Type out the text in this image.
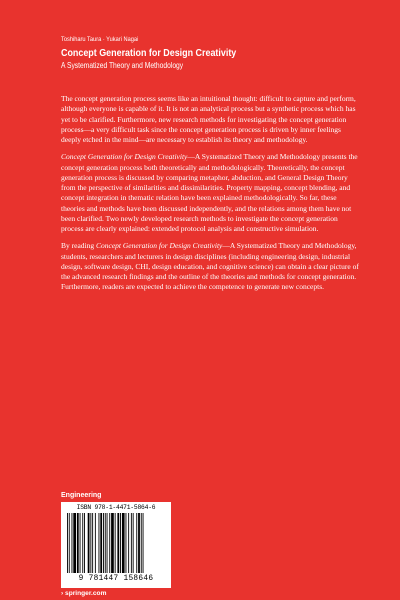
Toshiharu Taura · Yukari Nagai
Concept Generation for Design Creativity
A Systematized Theory and Methodology

The concept generation process seems like an intuitional thought: difficult to capture and perform, although everyone is capable of it. It is not an analytical process but a synthetic process which has yet to be clarified. Furthermore, new research methods for investigating the concept generation process—a very difficult task since the concept generation process is driven by inner feelings deeply etched in the mind—are necessary to establish its theory and methodology.

Concept Generation for Design Creativity—A Systematized Theory and Methodology presents the concept generation process both theoretically and methodologically. Theoretically, the concept generation process is discussed by comparing metaphor, abduction, and General Design Theory from the perspective of similarities and dissimilarities. Property mapping, concept blending, and concept integration in thematic relation have been explained methodologically. So far, these theories and methods have been discussed independently, and the relations among them have not been clarified. Two newly developed research methods to investigate the concept generation process are clearly explained: extended protocol analysis and constructive simulation.

By reading Concept Generation for Design Creativity—A Systematized Theory and Methodology, students, researchers and lecturers in design disciplines (including engineering design, industrial design, software design, CHI, design education, and cognitive science) can obtain a clear picture of the advanced research findings and the outline of the theories and methods for concept generation. Furthermore, readers are expected to achieve the competence to generate new concepts.

Engineering
ISBN 978-1-4471-5864-6
9 781447 158646
› springer.com
